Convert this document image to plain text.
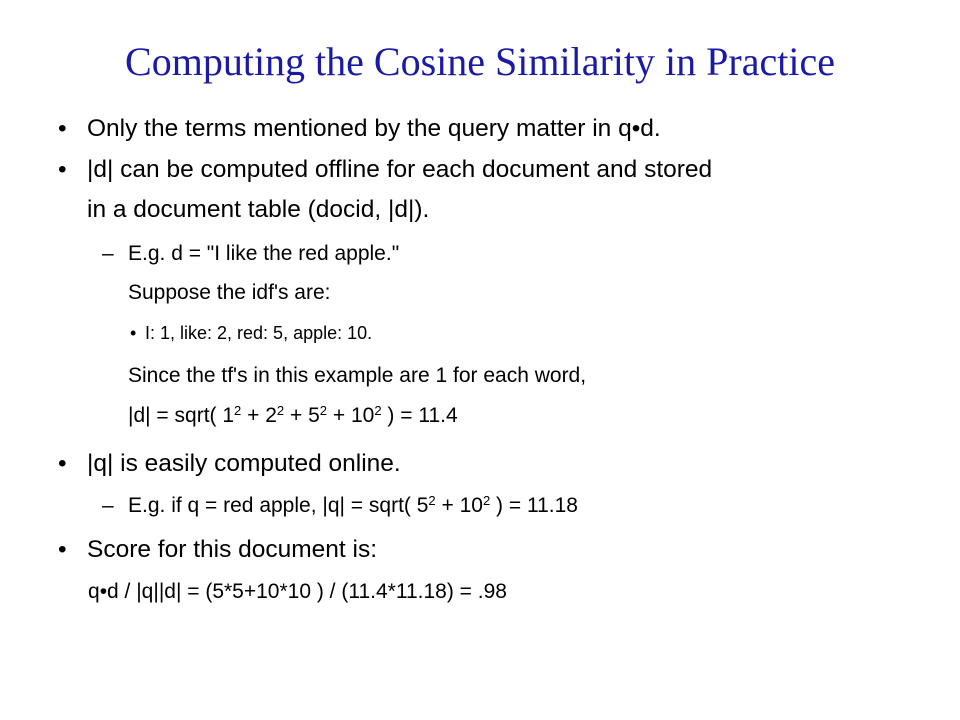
Computing the Cosine Similarity in Practice
• Only the terms mentioned by the query matter in q•d.
• |d| can be computed offline for each document and stored
in a document table (docid, |d|).
– E.g. d = "I like the red apple."
Suppose the idf's are:
• I: 1, like: 2, red: 5, apple: 10.
Since the tf's in this example are 1 for each word,
|d| = sqrt( $1^2 + 2^2 + 5^2 + 10^2$ ) = 11.4
• |q| is easily computed online.
– E.g. if q = red apple, |q| = sqrt( $5^2 + 10^2$ ) = 11.18
• Score for this document is:
q•d / |q||d| = (5*5+10*10 ) / (11.4*11.18) = .98
